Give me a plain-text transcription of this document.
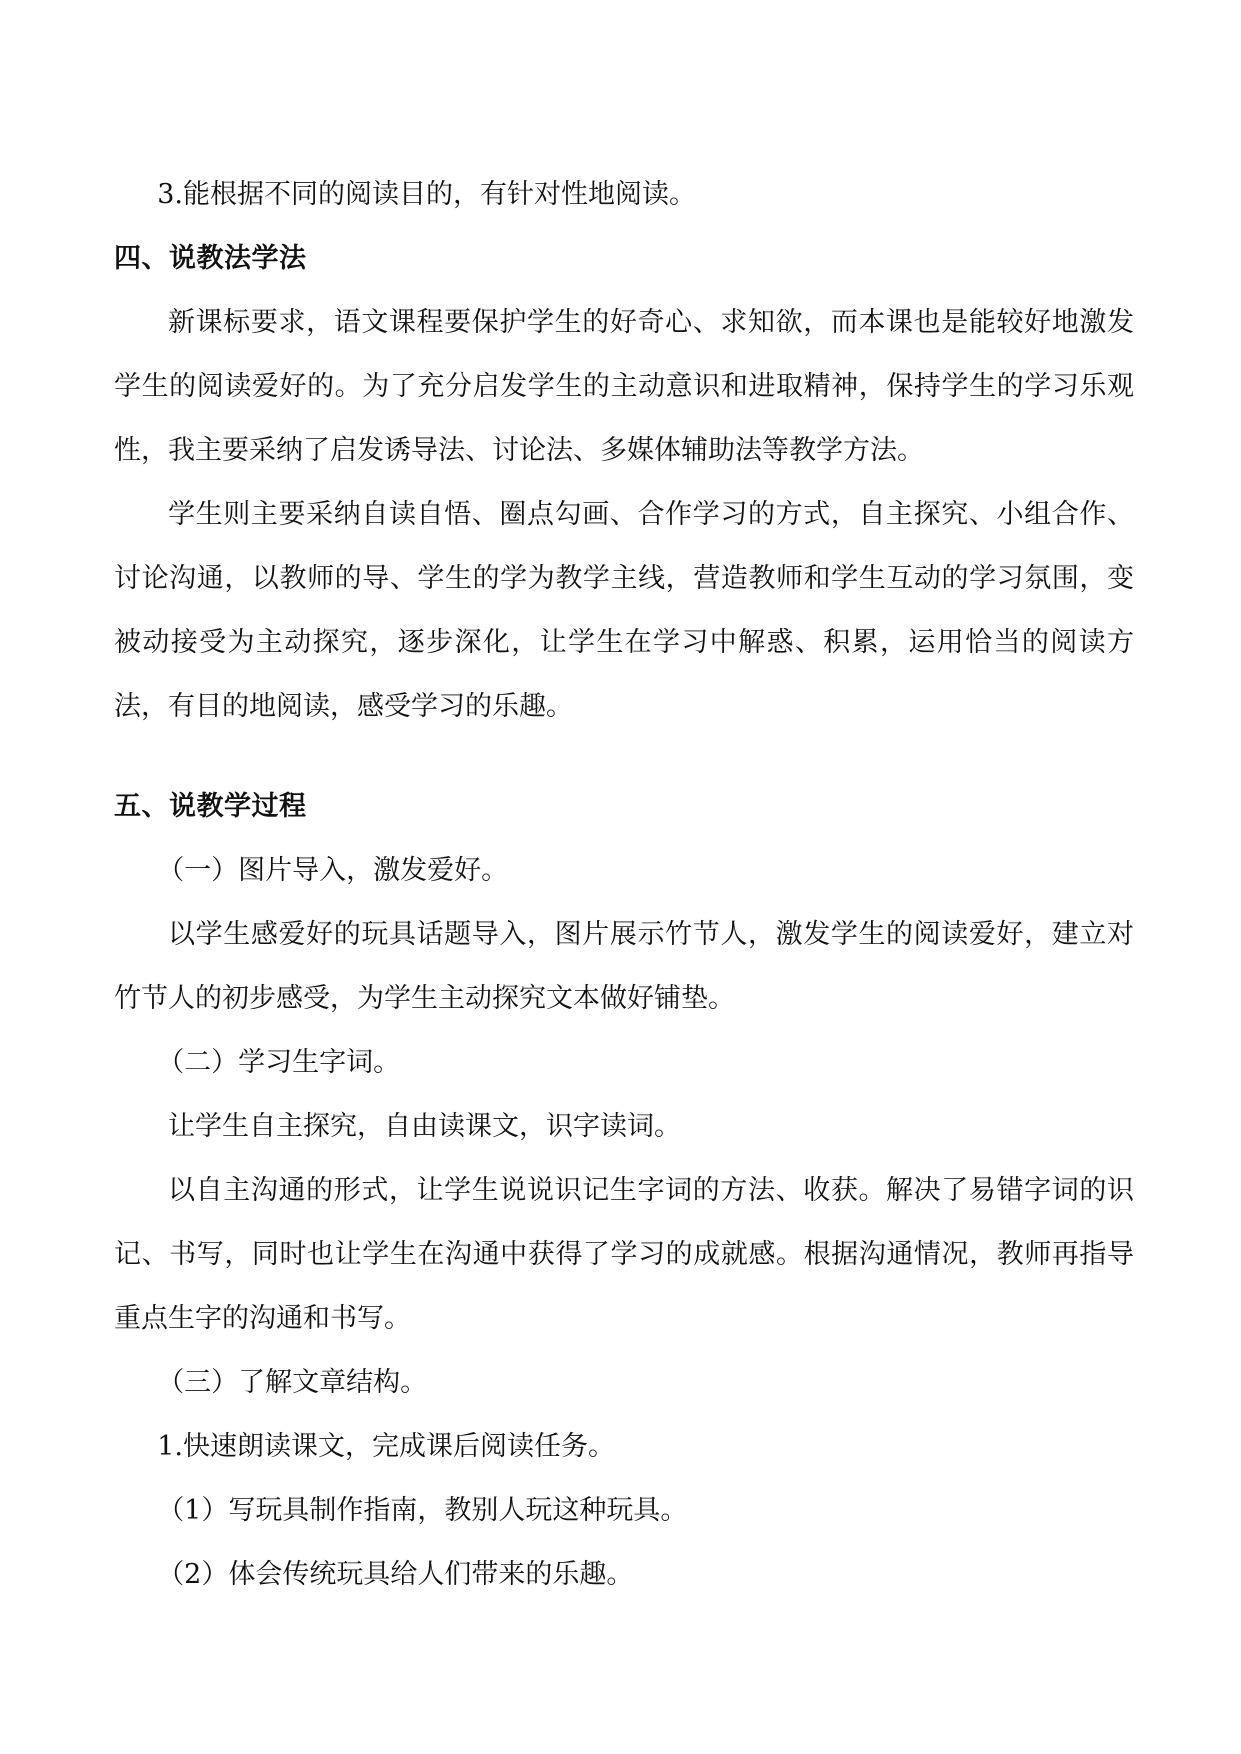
3.能根据不同的阅读目的，有针对性地阅读。

四、说教法学法

新课标要求，语文课程要保护学生的好奇心、求知欲，而本课也是能较好地激发学生的阅读爱好的。为了充分启发学生的主动意识和进取精神，保持学生的学习乐观性，我主要采纳了启发诱导法、讨论法、多媒体辅助法等教学方法。

学生则主要采纳自读自悟、圈点勾画、合作学习的方式，自主探究、小组合作、讨论沟通，以教师的导、学生的学为教学主线，营造教师和学生互动的学习氛围，变被动接受为主动探究，逐步深化，让学生在学习中解惑、积累，运用恰当的阅读方法，有目的地阅读，感受学习的乐趣。

五、说教学过程

（一）图片导入，激发爱好。

以学生感爱好的玩具话题导入，图片展示竹节人，激发学生的阅读爱好，建立对竹节人的初步感受，为学生主动探究文本做好铺垫。

（二）学习生字词。

让学生自主探究，自由读课文，识字读词。

以自主沟通的形式，让学生说说识记生字词的方法、收获。解决了易错字词的识记、书写，同时也让学生在沟通中获得了学习的成就感。根据沟通情况，教师再指导重点生字的沟通和书写。

（三）了解文章结构。

1.快速朗读课文，完成课后阅读任务。

（1）写玩具制作指南，教别人玩这种玩具。

（2）体会传统玩具给人们带来的乐趣。
